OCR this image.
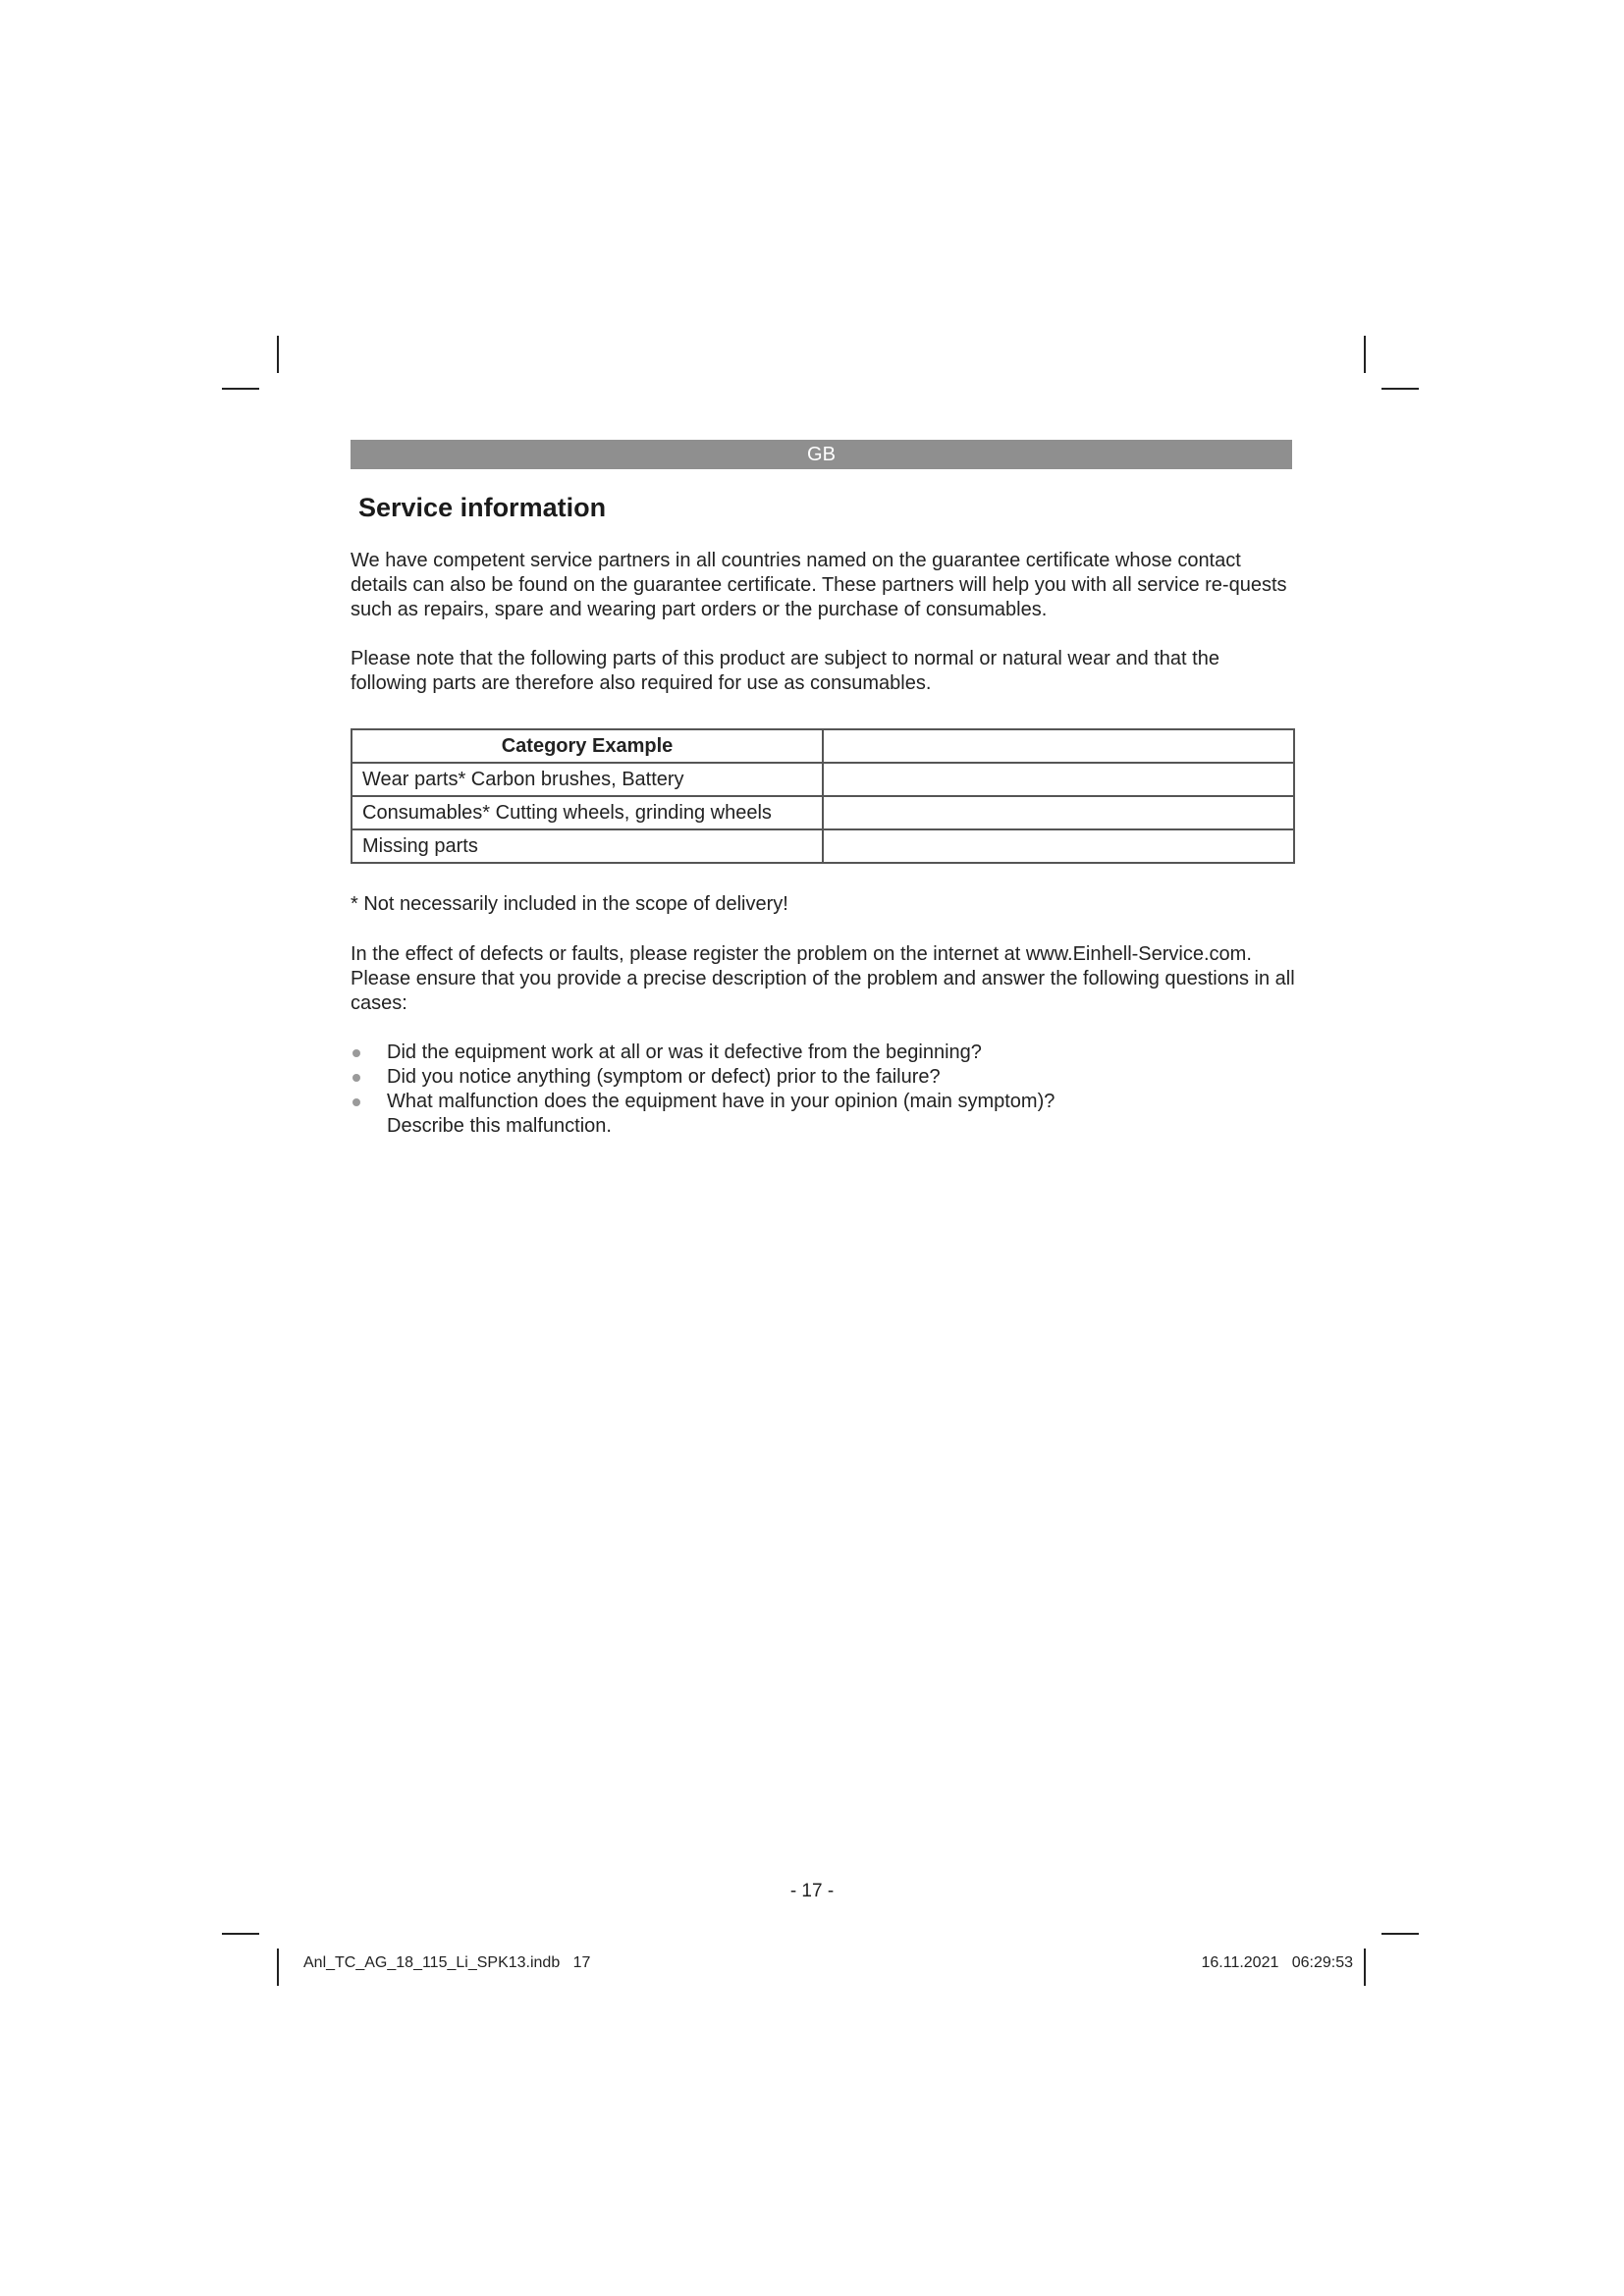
GB
Service information

We have competent service partners in all countries named on the guarantee certificate whose contact details can also be found on the guarantee certificate. These partners will help you with all service re-quests such as repairs, spare and wearing part orders or the purchase of consumables.

Please note that the following parts of this product are subject to normal or natural wear and that the following parts are therefore also required for use as consumables.

Category Example	
Wear parts* Carbon brushes, Battery	
Consumables* Cutting wheels, grinding wheels	
Missing parts	

* Not necessarily included in the scope of delivery!

In the effect of defects or faults, please register the problem on the internet at www.Einhell-Service.com. Please ensure that you provide a precise description of the problem and answer the following questions in all cases:

Did the equipment work at all or was it defective from the beginning?
Did you notice anything (symptom or defect) prior to the failure?
What malfunction does the equipment have in your opinion (main symptom)?
Describe this malfunction.
- 17 -
Anl_TC_AG_18_115_Li_SPK13.indb   17	16.11.2021   06:29:53
